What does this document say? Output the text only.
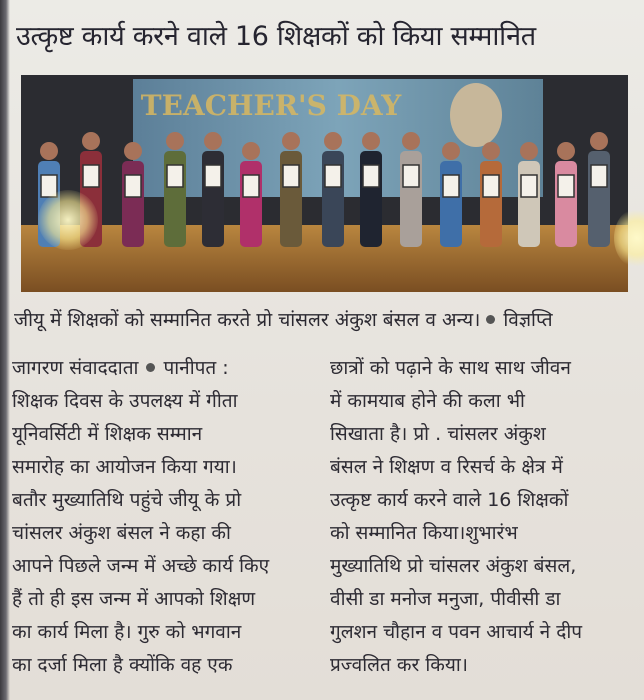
उत्कृष्ट कार्य करने वाले 16 शिक्षकों को किया सम्मानित
TEACHER'S DAY
जीयू में शिक्षकों को सम्मानित करते प्रो चांसलर अंकुश बंसल व अन्य। विज्ञप्ति
जागरण संवाददाता पानीपत :
शिक्षक दिवस के उपलक्ष्य में गीता
यूनिवर्सिटी में शिक्षक सम्मान
समारोह का आयोजन किया गया।
बतौर मुख्यातिथि पहुंचे जीयू के प्रो
चांसलर अंकुश बंसल ने कहा की
आपने पिछले जन्म में अच्छे कार्य किए
हैं तो ही इस जन्म में आपको शिक्षण
का कार्य मिला है। गुरु को भगवान
का दर्जा मिला है क्योंकि वह एक
छात्रों को पढ़ाने के साथ साथ जीवन
में कामयाब होने की कला भी
सिखाता है। प्रो . चांसलर अंकुश
बंसल ने शिक्षण व रिसर्च के क्षेत्र में
उत्कृष्ट कार्य करने वाले 16 शिक्षकों
को सम्मानित किया।शुभारंभ
मुख्यातिथि प्रो चांसलर अंकुश बंसल,
वीसी डा मनोज मनुजा, पीवीसी डा
गुलशन चौहान व पवन आचार्य ने दीप
प्रज्वलित कर किया।
